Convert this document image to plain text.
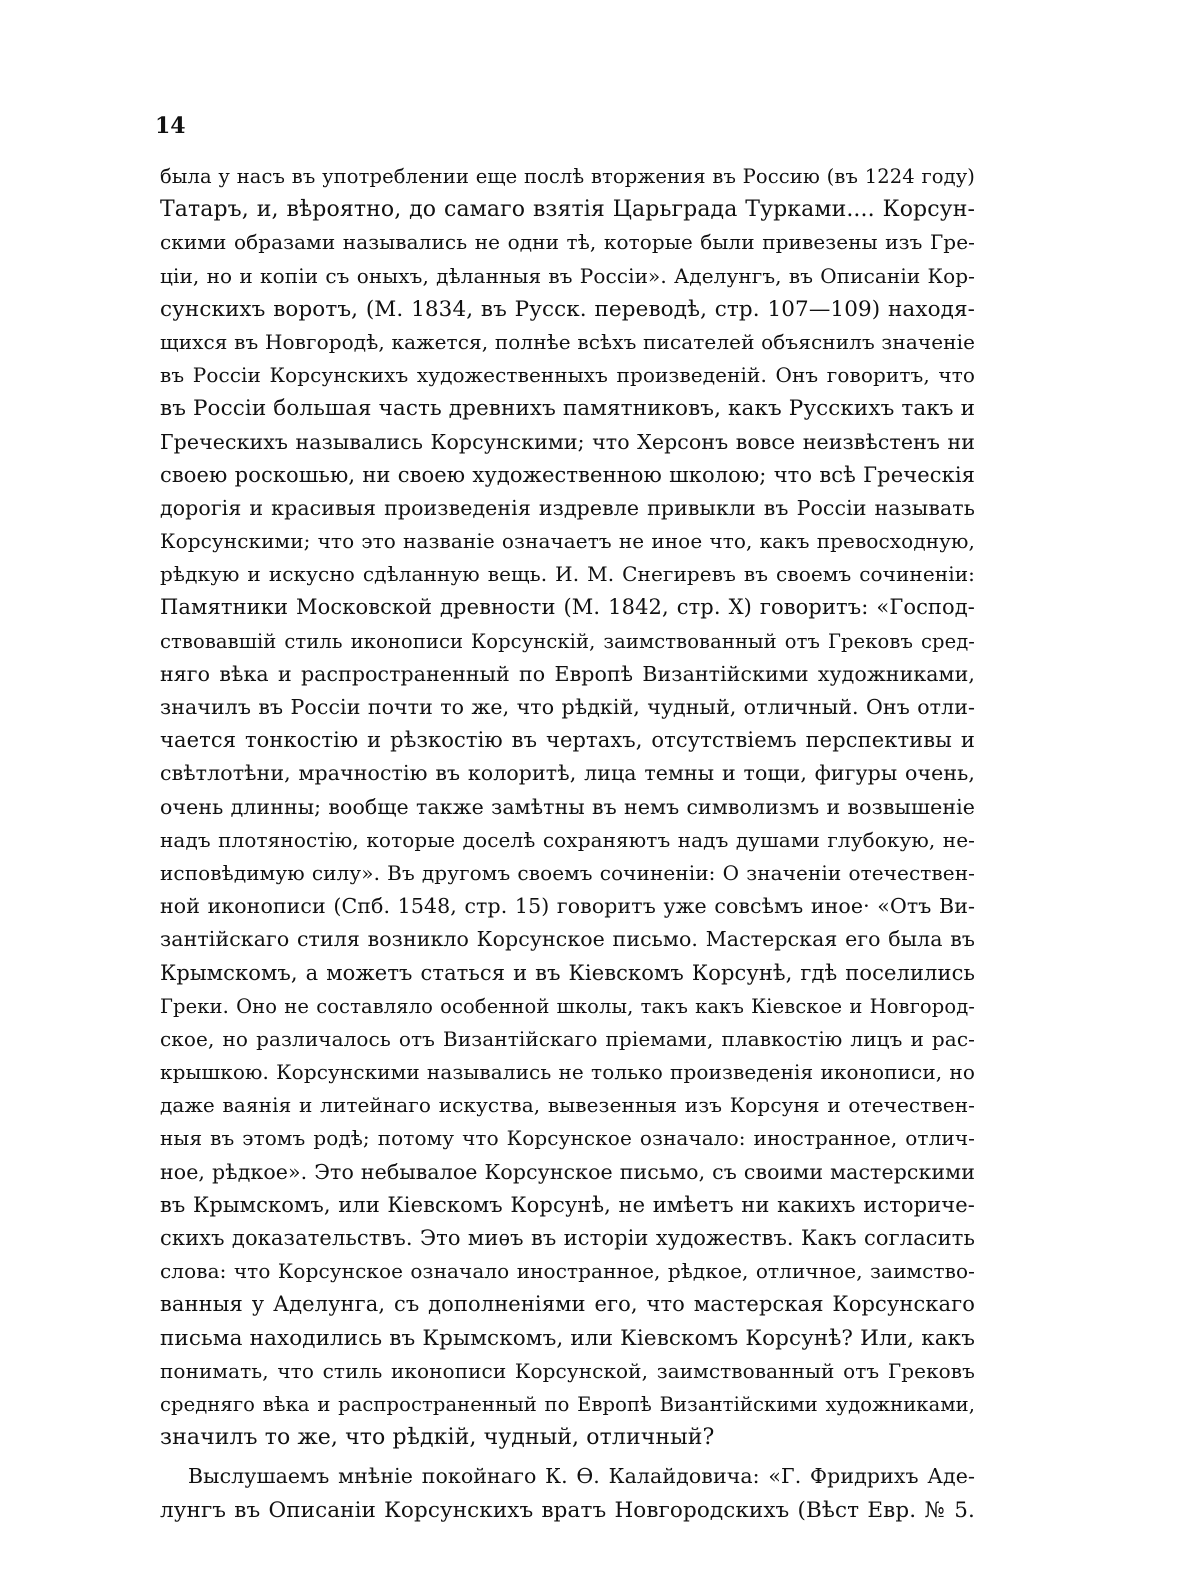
14
была у насъ въ употреблении еще послѣ вторжения въ Россию (въ 1224 году)
Татаръ, и, вѣроятно, до самаго взятія Царьграда Турками.... Корсун-
скими образами назывались не одни тѣ, которые были привезены изъ Гре-
ціи, но и копіи съ оныхъ, дѣланныя въ Россіи». Аделунгъ, въ Описаніи Кор-
сунскихъ воротъ, (М. 1834, въ Русск. переводѣ, стр. 107—109) находя-
щихся въ Новгородѣ, кажется, полнѣе всѣхъ писателей объяснилъ значеніе
въ Россіи Корсунскихъ художественныхъ произведеній. Онъ говоритъ, что
въ Россіи большая часть древнихъ памятниковъ, какъ Русскихъ такъ и
Греческихъ назывались Корсунскими; что Херсонъ вовсе неизвѣстенъ ни
своею роскошью, ни своею художественною школою; что всѣ Греческія
дорогія и красивыя произведенія издревле привыкли въ Россіи называть
Корсунскими; что это названіе означаетъ не иное что, какъ превосходную,
рѣдкую и искусно сдѣланную вещь. И. М. Снегиревъ въ своемъ сочиненіи:
Памятники Московской древности (М. 1842, стр. X) говоритъ: «Господ-
ствовавшій стиль иконописи Корсунскій, заимствованный отъ Грековъ сред-
няго вѣка и распространенный по Европѣ Византійскими художниками,
значилъ въ Россіи почти то же, что рѣдкій, чудный, отличный. Онъ отли-
чается тонкостію и рѣзкостію въ чертахъ, отсутствіемъ перспективы и
свѣтлотѣни, мрачностію въ колоритѣ, лица темны и тощи, фигуры очень,
очень длинны; вообще также замѣтны въ немъ символизмъ и возвышеніе
надъ плотяностію, которые доселѣ сохраняютъ надъ душами глубокую, не-
исповѣдимую силу». Въ другомъ своемъ сочиненіи: О значеніи отечествен-
ной иконописи (Спб. 1548, стр. 15) говоритъ уже совсѣмъ иное· «Отъ Ви-
зантійскаго стиля возникло Корсунское письмо. Мастерская его была въ
Крымскомъ, а можетъ статься и въ Кіевскомъ Корсунѣ, гдѣ поселились
Греки. Оно не составляло особенной школы, такъ какъ Кіевское и Новгород-
ское, но различалось отъ Византійскаго пріемами, плавкостію лицъ и рас-
крышкою. Корсунскими назывались не только произведенія иконописи, но
даже ваянія и литейнаго искуства, вывезенныя изъ Корсуня и отечествен-
ныя въ этомъ родѣ; потому что Корсунское означало: иностранное, отлич-
ное, рѣдкое». Это небывалое Корсунское письмо, съ своими мастерскими
въ Крымскомъ, или Кіевскомъ Корсунѣ, не имѣетъ ни какихъ историче-
скихъ доказательствъ. Это миѳъ въ исторіи художествъ. Какъ согласить
слова: что Корсунское означало иностранное, рѣдкое, отличное, заимство-
ванныя у Аделунга, съ дополненіями его, что мастерская Корсунскаго
письма находились въ Крымскомъ, или Кіевскомъ Корсунѣ? Или, какъ
понимать, что стиль иконописи Корсунской, заимствованный отъ Грековъ
средняго вѣка и распространенный по Европѣ Византійскими художниками,
значилъ то же, что рѣдкій, чудный, отличный?
Выслушаемъ мнѣніе покойнаго К. Ѳ. Калайдовича: «Г. Фридрихъ Аде-
лунгъ въ Описаніи Корсунскихъ вратъ Новгородскихъ (Вѣст Евр. № 5.
